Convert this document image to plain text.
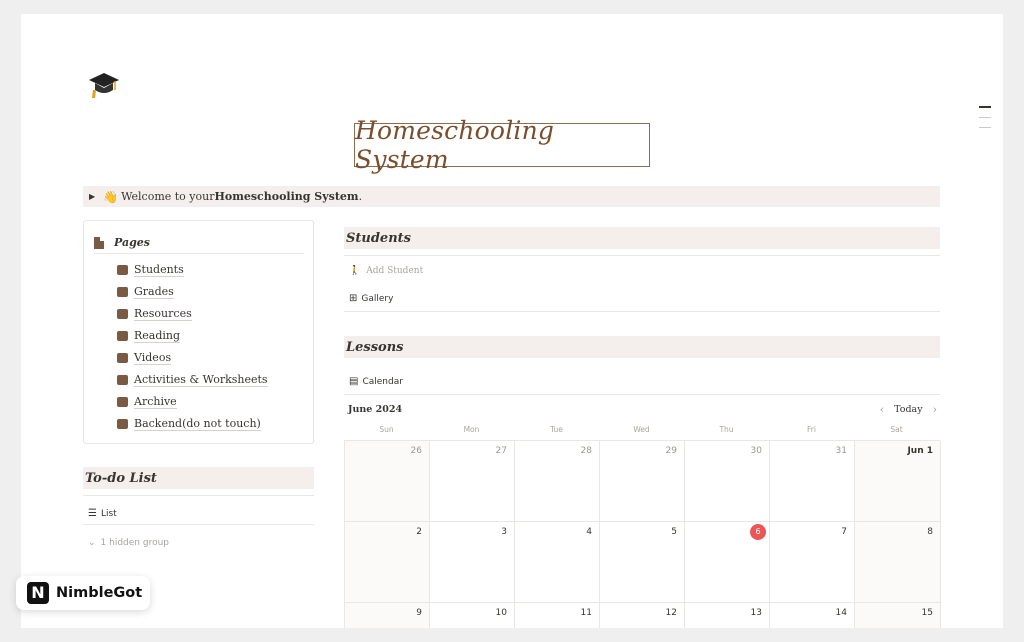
Homeschooling System
▶ 👋 Welcome to your Homeschooling System .
Pages
Students
Grades
Resources
Reading
Videos
Activities & Worksheets
Archive
Backend(do not touch)
To-do List
☰ List
⌄ 1 hidden group
Students
🚶 Add Student
⊞ Gallery
Lessons
▤ Calendar
June 2024	‹ Today ›
Sun	Mon	Tue	Wed	Thu	Fri	Sat
26	27	28	29	30	31	Jun 1
2	3	4	5	6	7	8
9	10	11	12	13	14	15
N NimbleGot
